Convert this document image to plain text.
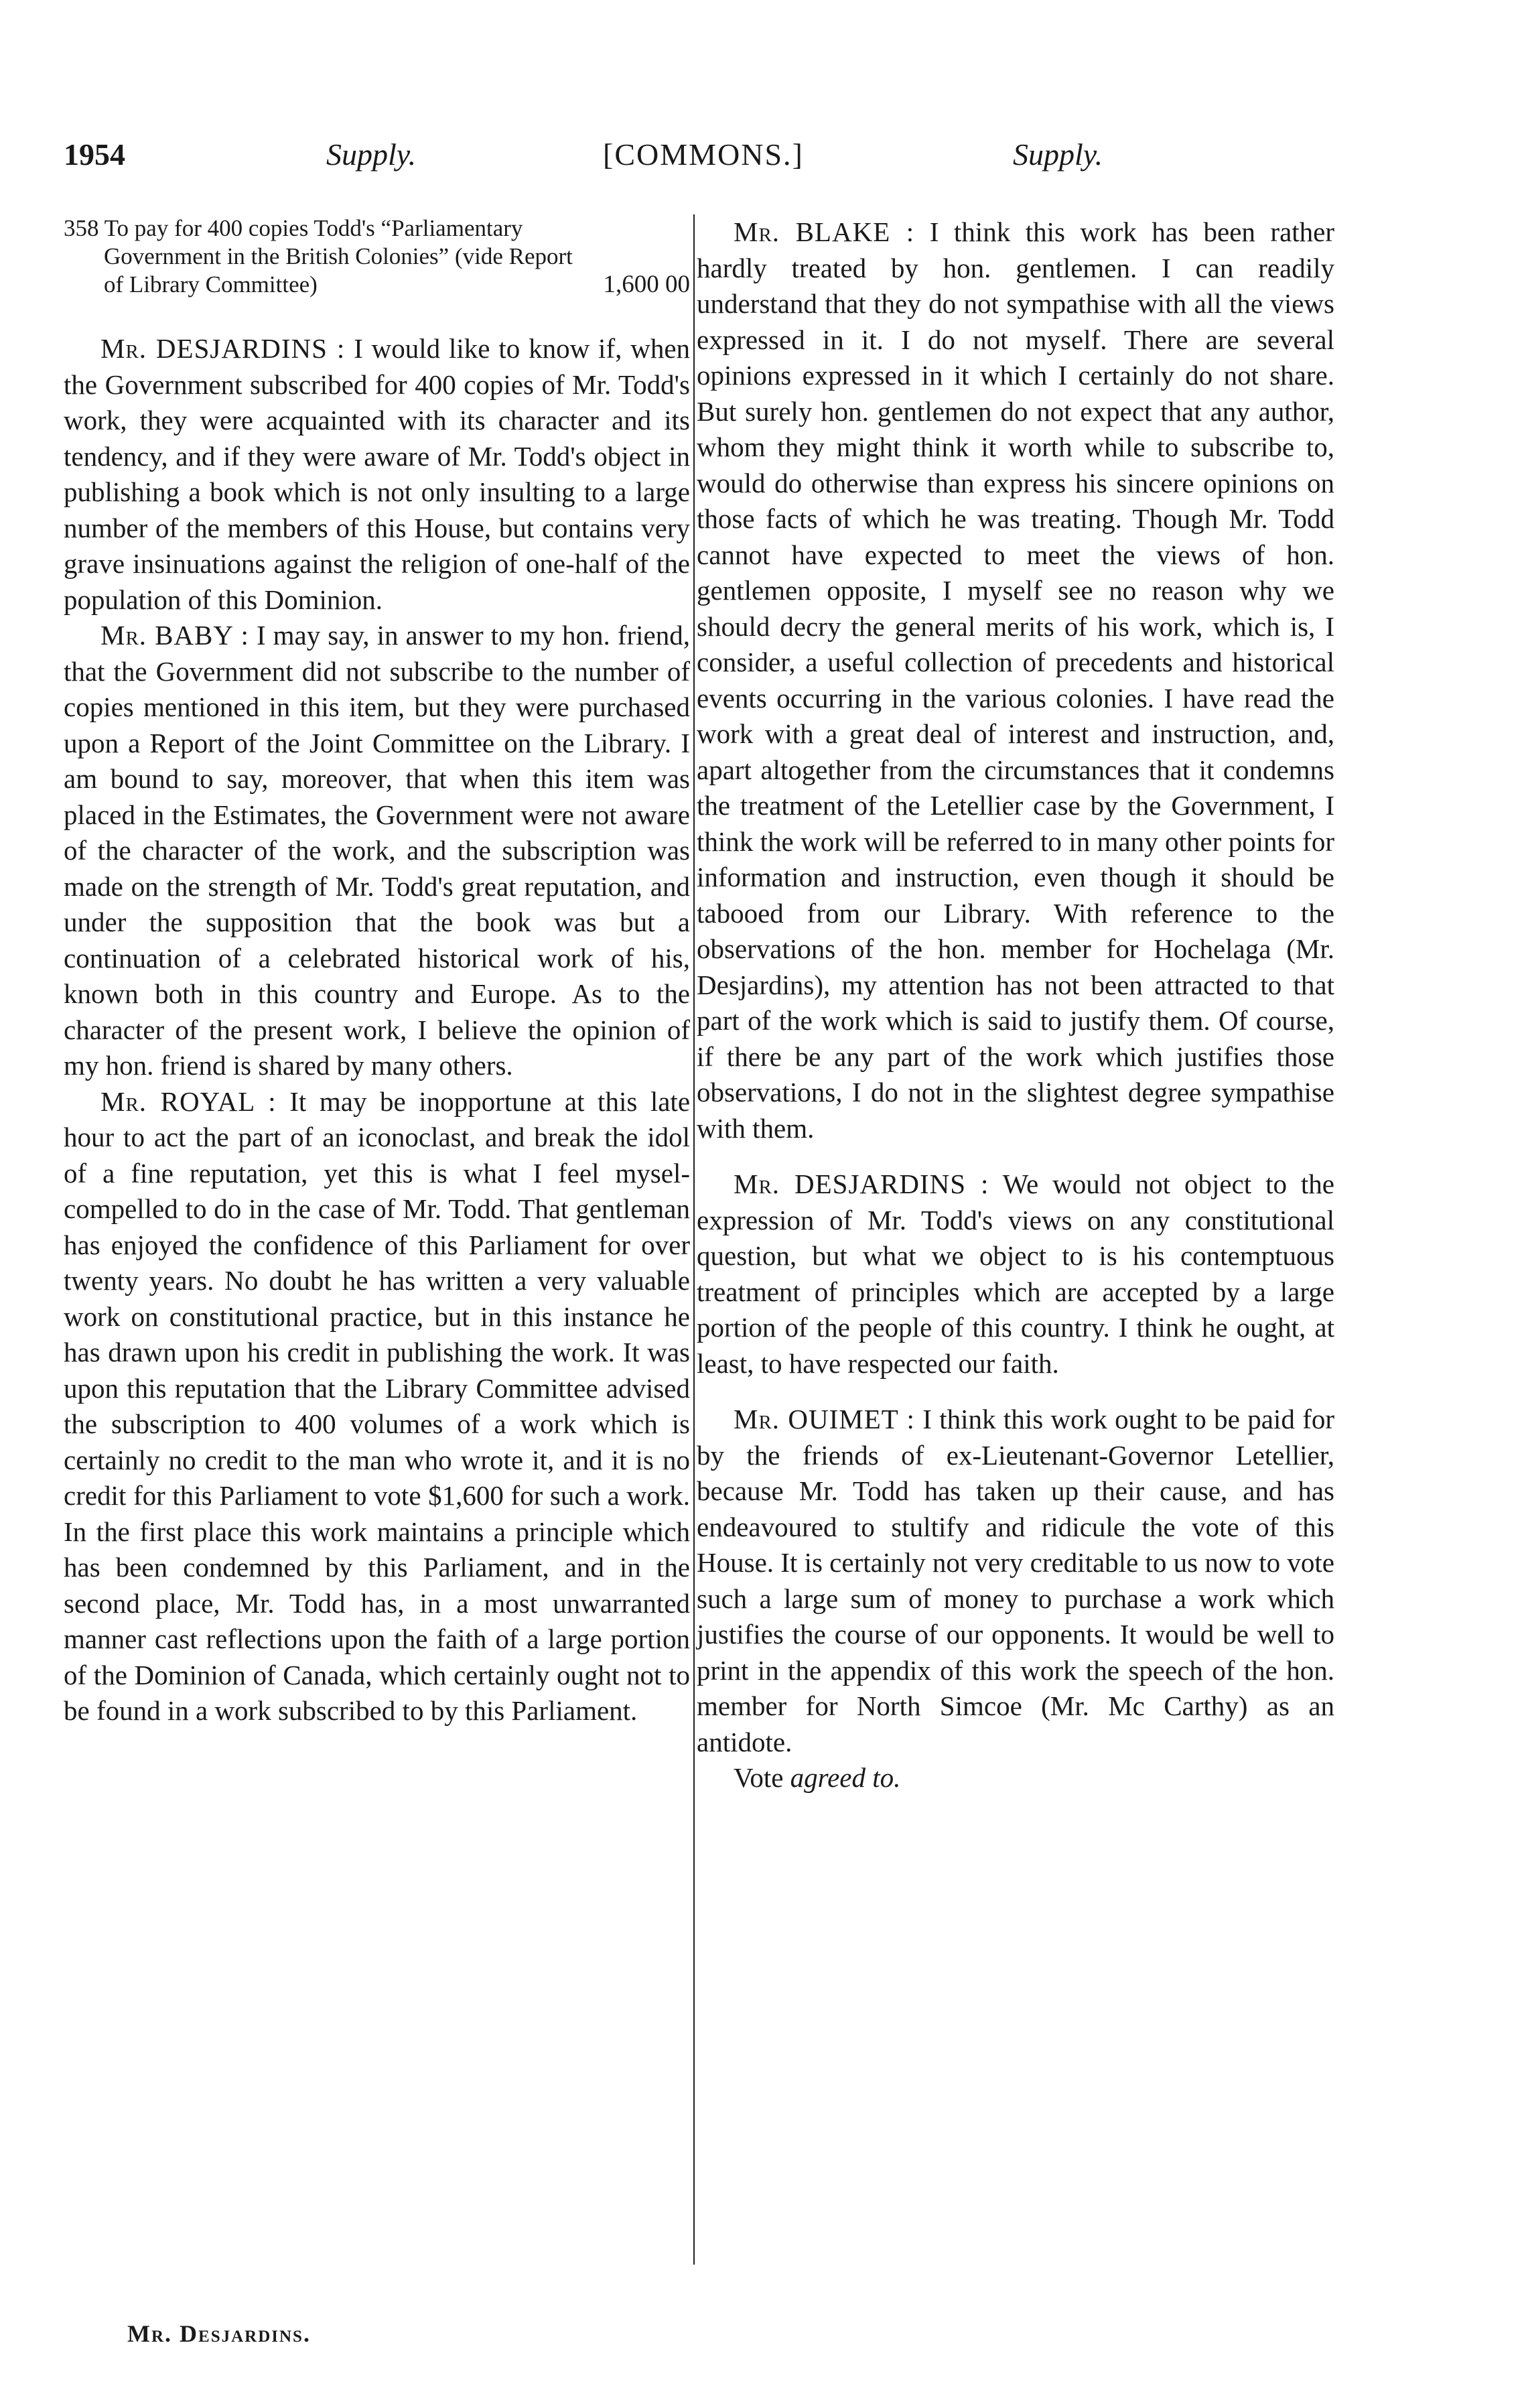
1954	Supply.	[COMMONS.]	Supply.
358 To pay for 400 copies Todd's “Parliamentary Government in the British Colonies” (vide Report of Library Committee)	1,600 00

Mr. DESJARDINS : I would like to know if, when the Government subscribed for 400 copies of Mr. Todd's work, they were acquainted with its character and its tendency, and if they were aware of Mr. Todd's object in publishing a book which is not only insulting to a large number of the members of this House, but contains very grave insinuations against the religion of one-half of the population of this Dominion.

Mr. BABY : I may say, in answer to my hon. friend, that the Government did not subscribe to the number of copies mentioned in this item, but they were purchased upon a Report of the Joint Committee on the Library. I am bound to say, moreover, that when this item was placed in the Estimates, the Government were not aware of the character of the work, and the subscription was made on the strength of Mr. Todd's great reputation, and under the supposition that the book was but a continuation of a celebrated historical work of his, known both in this country and Europe. As to the character of the present work, I believe the opinion of my hon. friend is shared by many others.

Mr. ROYAL : It may be inopportune at this late hour to act the part of an iconoclast, and break the idol of a fine reputation, yet this is what I feel mysel- compelled to do in the case of Mr. Todd. That gentleman has enjoyed the confidence of this Parliament for over twenty years. No doubt he has written a very valuable work on constitutional practice, but in this instance he has drawn upon his credit in publishing the work. It was upon this reputation that the Library Committee advised the subscription to 400 volumes of a work which is certainly no credit to the man who wrote it, and it is no credit for this Parliament to vote $1,600 for such a work. In the first place this work maintains a principle which has been condemned by this Parliament, and in the second place, Mr. Todd has, in a most unwarranted manner cast reflections upon the faith of a large portion of the Dominion of Canada, which certainly ought not to be found in a work subscribed to by this Parliament.

Mr. Desjardins.

Mr. BLAKE : I think this work has been rather hardly treated by hon. gentlemen. I can readily understand that they do not sympathise with all the views expressed in it. I do not myself. There are several opinions expressed in it which I certainly do not share. But surely hon. gentlemen do not expect that any author, whom they might think it worth while to subscribe to, would do otherwise than express his sincere opinions on those facts of which he was treating. Though Mr. Todd cannot have expected to meet the views of hon. gentlemen opposite, I myself see no reason why we should decry the general merits of his work, which is, I consider, a useful collection of precedents and historical events occurring in the various colonies. I have read the work with a great deal of interest and instruction, and, apart altogether from the circumstances that it condemns the treatment of the Letellier case by the Government, I think the work will be referred to in many other points for information and instruction, even though it should be tabooed from our Library. With reference to the observations of the hon. member for Hochelaga (Mr. Desjardins), my attention has not been attracted to that part of the work which is said to justify them. Of course, if there be any part of the work which justifies those observations, I do not in the slightest degree sympathise with them.

Mr. DESJARDINS : We would not object to the expression of Mr. Todd's views on any constitutional question, but what we object to is his contemptuous treatment of principles which are accepted by a large portion of the people of this country. I think he ought, at least, to have respected our faith.

Mr. OUIMET : I think this work ought to be paid for by the friends of ex-Lieutenant-Governor Letellier, because Mr. Todd has taken up their cause, and has endeavoured to stultify and ridicule the vote of this House. It is certainly not very creditable to us now to vote such a large sum of money to purchase a work which justifies the course of our opponents. It would be well to print in the appendix of this work the speech of the hon. member for North Simcoe (Mr. Mc Carthy) as an antidote.

Vote agreed to.
